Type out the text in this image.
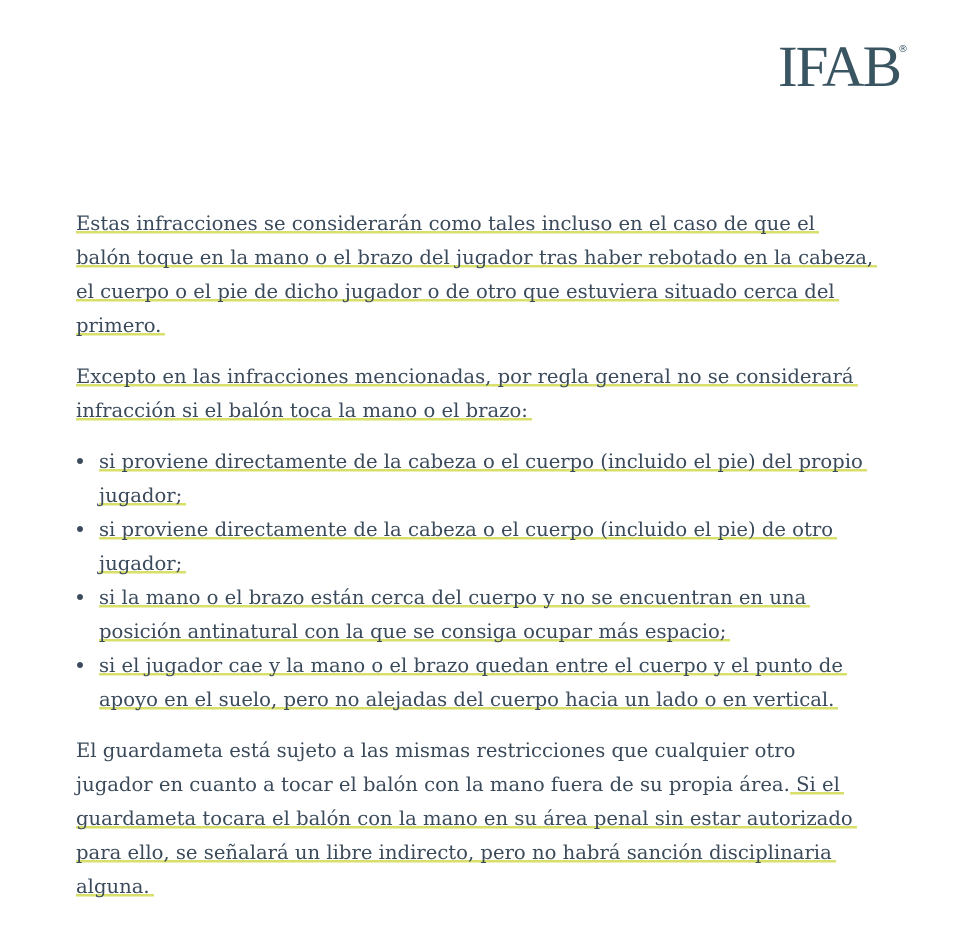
IFAB
®

Estas infracciones se considerarán como tales incluso en el caso de que el
balón toque en la mano o el brazo del jugador tras haber rebotado en la cabeza,
el cuerpo o el pie de dicho jugador o de otro que estuviera situado cerca del
primero.

Excepto en las infracciones mencionadas, por regla general no se considerará
infracción si el balón toca la mano o el brazo:

si proviene directamente de la cabeza o el cuerpo (incluido el pie) del propio
jugador;
si proviene directamente de la cabeza o el cuerpo (incluido el pie) de otro
jugador;
si la mano o el brazo están cerca del cuerpo y no se encuentran en una
posición antinatural con la que se consiga ocupar más espacio;
si el jugador cae y la mano o el brazo quedan entre el cuerpo y el punto de
apoyo en el suelo, pero no alejadas del cuerpo hacia un lado o en vertical.

El guardameta está sujeto a las mismas restricciones que cualquier otro
jugador en cuanto a tocar el balón con la mano fuera de su propia área. Si el
guardameta tocara el balón con la mano en su área penal sin estar autorizado
para ello, se señalará un libre indirecto, pero no habrá sanción disciplinaria
alguna.
